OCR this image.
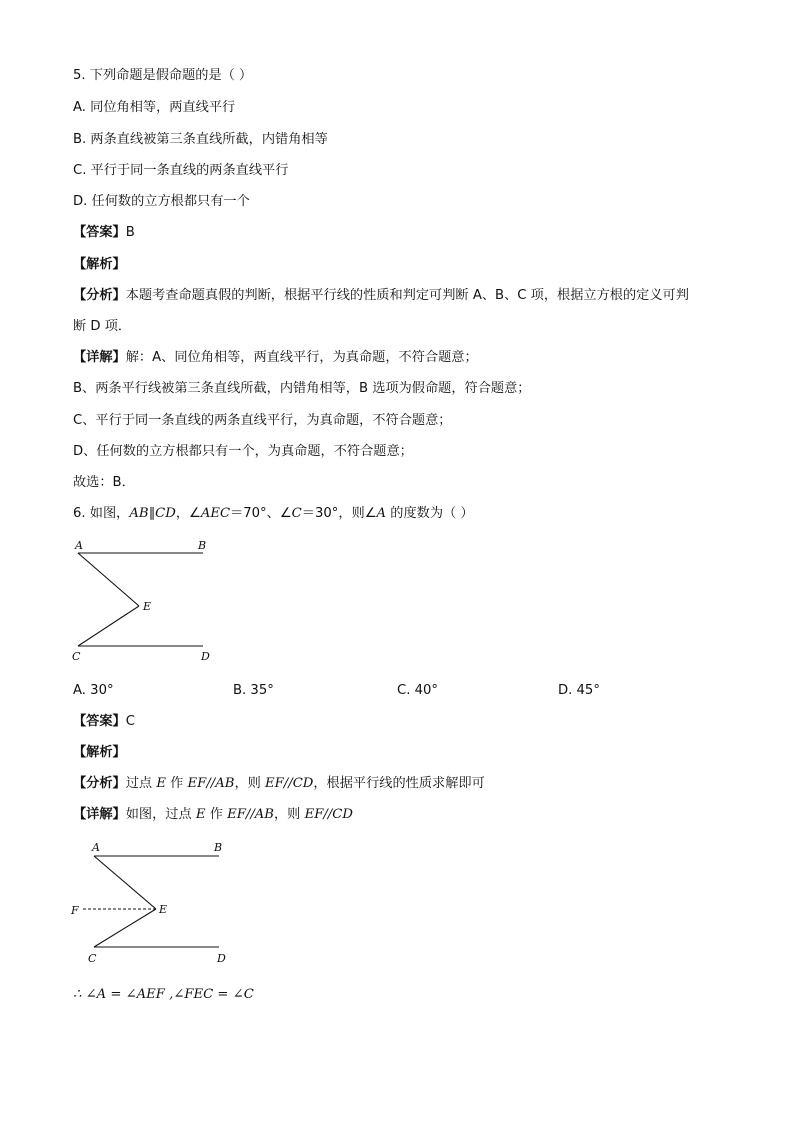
5. 下列命题是假命题的是（ ）
A. 同位角相等，两直线平行
B. 两条直线被第三条直线所截，内错角相等
C. 平行于同一条直线的两条直线平行
D. 任何数的立方根都只有一个
【答案】B
【解析】
【分析】本题考查命题真假的判断，根据平行线的性质和判定可判断 A、B、C 项，根据立方根的定义可判
断 D 项．
【详解】解：A、同位角相等，两直线平行，为真命题，不符合题意；
B、两条平行线被第三条直线所截，内错角相等，B 选项为假命题，符合题意；
C、平行于同一条直线的两条直线平行，为真命题，不符合题意；
D、任何数的立方根都只有一个，为真命题，不符合题意；
故选：B．
6. 如图，AB∥CD，∠AEC＝70°、∠C＝30°，则∠A 的度数为（ ）
A	B
E
C	D
A	B
F	E
C	D
A. 30°	B. 35°	C. 40°	D. 45°
【答案】C
【解析】
【分析】过点 E 作 EF//AB，则 EF//CD，根据平行线的性质求解即可
【详解】如图，过点 E 作 EF//AB，则 EF//CD
∴ ∠A = ∠AEF ,∠FEC = ∠C
